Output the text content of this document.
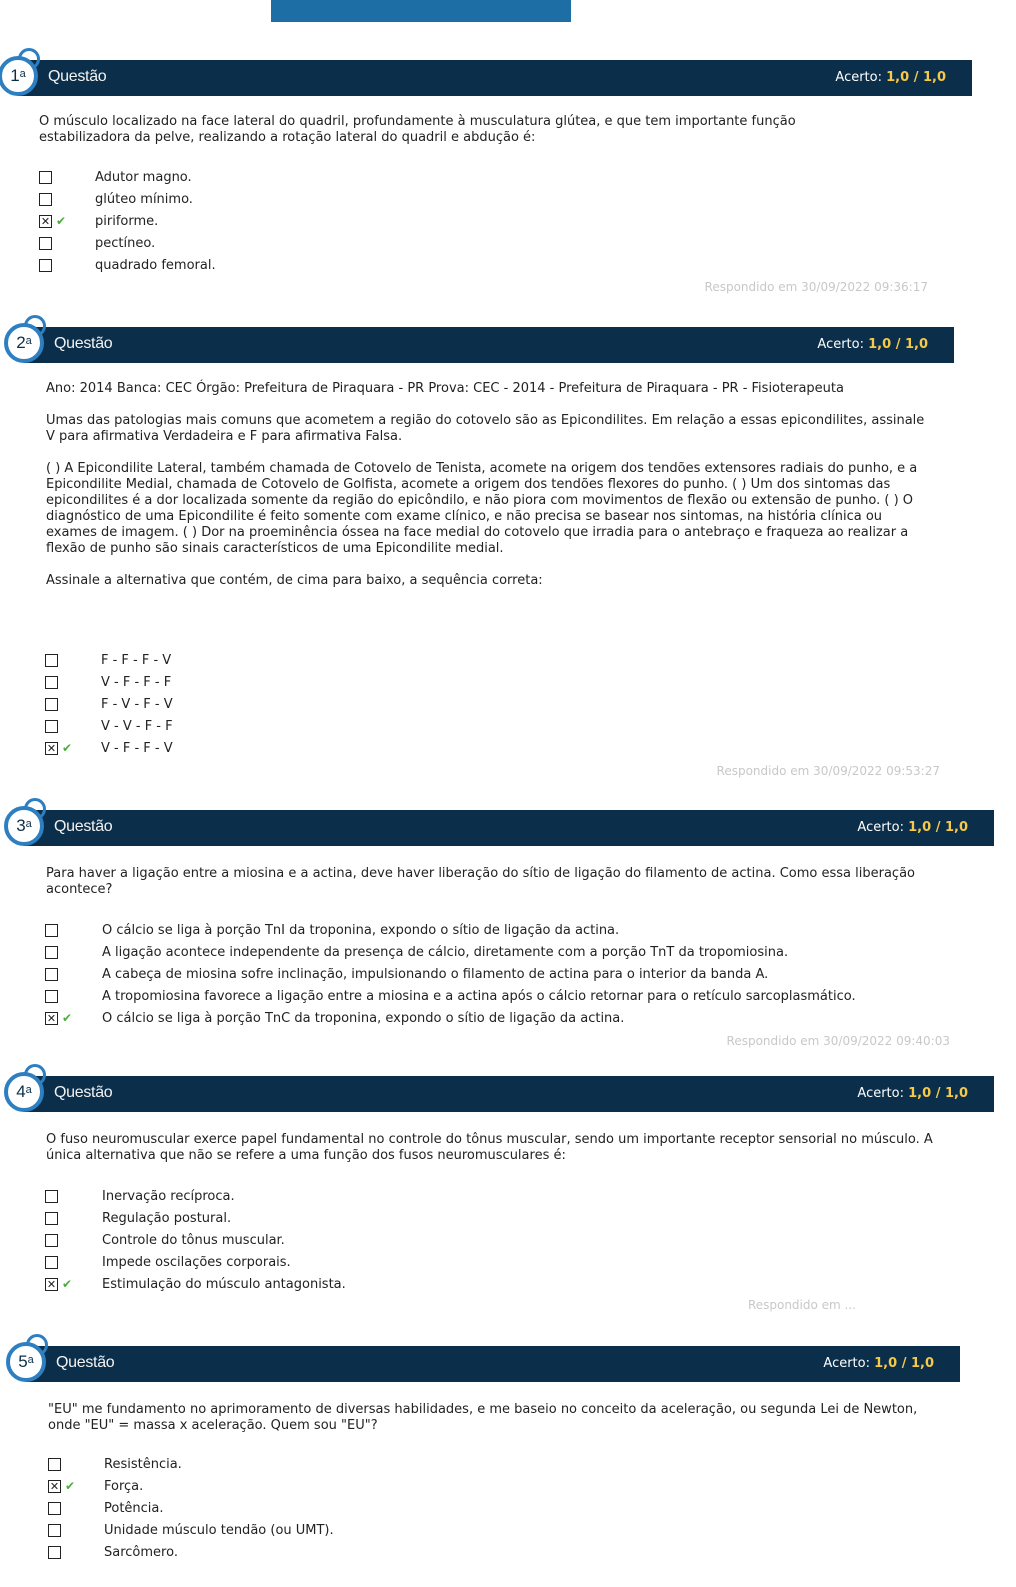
Questão	Acerto: 1,0 / 1,0
1$^a$

O músculo localizado na face lateral do quadril, profundamente à musculatura glútea, e que tem importante função estabilizadora da pelve, realizando a rotação lateral do quadril e abdução é:

Adutor magno.
glúteo mínimo.
✕ ✔ piriforme.
pectíneo.
quadrado femoral.
Respondido em 30/09/2022 09:36:17
Questão	Acerto: 1,0 / 1,0
2$^a$

Ano: 2014 Banca: CEC Órgão: Prefeitura de Piraquara - PR Prova: CEC - 2014 - Prefeitura de Piraquara - PR - Fisioterapeuta

Umas das patologias mais comuns que acometem a região do cotovelo são as Epicondilites. Em relação a essas epicondilites, assinale V para afirmativa Verdadeira e F para afirmativa Falsa.

( ) A Epicondilite Lateral, também chamada de Cotovelo de Tenista, acomete na origem dos tendões extensores radiais do punho, e a Epicondilite Medial, chamada de Cotovelo de Golfista, acomete a origem dos tendões flexores do punho. ( ) Um dos sintomas das epicondilites é a dor localizada somente da região do epicôndilo, e não piora com movimentos de flexão ou extensão de punho. ( ) O diagnóstico de uma Epicondilite é feito somente com exame clínico, e não precisa se basear nos sintomas, na história clínica ou exames de imagem. ( ) Dor na proeminência óssea na face medial do cotovelo que irradia para o antebraço e fraqueza ao realizar a flexão de punho são sinais característicos de uma Epicondilite medial.

Assinale a alternativa que contém, de cima para baixo, a sequência correta:

F - F - F - V
V - F - F - F
F - V - F - V
V - V - F - F
✕ ✔ V - F - F - V
Respondido em 30/09/2022 09:53:27
Questão	Acerto: 1,0 / 1,0
3$^a$

Para haver a ligação entre a miosina e a actina, deve haver liberação do sítio de ligação do filamento de actina. Como essa liberação acontece?

O cálcio se liga à porção TnI da troponina, expondo o sítio de ligação da actina.
A ligação acontece independente da presença de cálcio, diretamente com a porção TnT da tropomiosina.
A cabeça de miosina sofre inclinação, impulsionando o filamento de actina para o interior da banda A.
A tropomiosina favorece a ligação entre a miosina e a actina após o cálcio retornar para o retículo sarcoplasmático.
✕ ✔ O cálcio se liga à porção TnC da troponina, expondo o sítio de ligação da actina.
Respondido em 30/09/2022 09:40:03
Questão	Acerto: 1,0 / 1,0
4$^a$

O fuso neuromuscular exerce papel fundamental no controle do tônus muscular, sendo um importante receptor sensorial no músculo. A única alternativa que não se refere a uma função dos fusos neuromusculares é:

Inervação recíproca.
Regulação postural.
Controle do tônus muscular.
Impede oscilações corporais.
✕ ✔ Estimulação do músculo antagonista.
Respondido em ...
Questão	Acerto: 1,0 / 1,0
5$^a$

"EU" me fundamento no aprimoramento de diversas habilidades, e me baseio no conceito da aceleração, ou segunda Lei de Newton, onde "EU" = massa x aceleração. Quem sou "EU"?

Resistência.
✕ ✔ Força.
Potência.
Unidade músculo tendão (ou UMT).
Sarcômero.
